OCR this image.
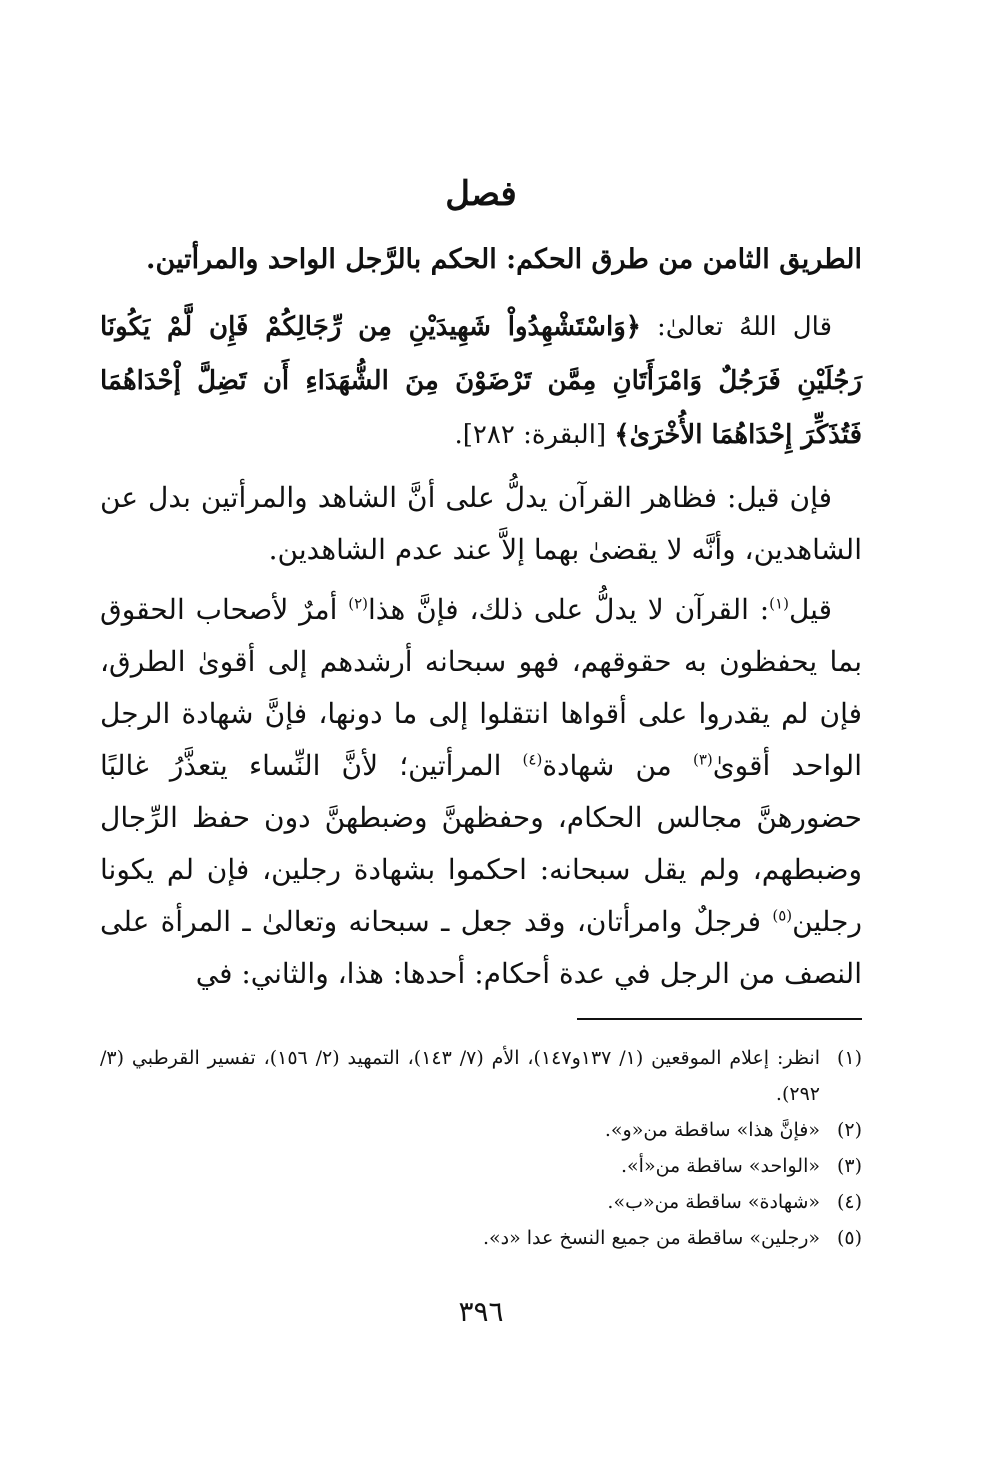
فصل
الطريق الثامن من طرق الحكم: الحكم بالرَّجل الواحد والمرأتين.
قال اللهُ تعالىٰ: ﴿وَاسْتَشْهِدُواْ شَهِيدَيْنِ مِن رِّجَالِكُمْ فَإِن لَّمْ يَكُونَا رَجُلَيْنِ فَرَجُلٌ وَامْرَأَتَانِ مِمَّن تَرْضَوْنَ مِنَ الشُّهَدَاءِ أَن تَضِلَّ إْحْدَاهُمَا فَتُذَكِّرَ إِحْدَاهُمَا الأُخْرَىٰ﴾ [البقرة: ٢٨٢].
فإن قيل: فظاهر القرآن يدلُّ على أنَّ الشاهد والمرأتين بدل عن الشاهدين، وأنَّه لا يقضىٰ بهما إلاَّ عند عدم الشاهدين.
قيل$^{(١)}$: القرآن لا يدلُّ على ذلك، فإنَّ هذا$^{(٢)}$ أمرٌ لأصحاب الحقوق بما يحفظون به حقوقهم، فهو سبحانه أرشدهم إلى أقوىٰ الطرق، فإن لم يقدروا على أقواها انتقلوا إلى ما دونها، فإنَّ شهادة الرجل الواحد أقوىٰ$^{(٣)}$ من شهادة$^{(٤)}$ المرأتين؛ لأنَّ النِّساء يتعذَّرُ غالبًا حضورهنَّ مجالس الحكام، وحفظهنَّ وضبطهنَّ دون حفظ الرِّجال وضبطهم، ولم يقل سبحانه: احكموا بشهادة رجلين، فإن لم يكونا رجلين$^{(٥)}$ فرجلٌ وامرأتان، وقد جعل ـ سبحانه وتعالىٰ ـ المرأة على النصف من الرجل في عدة أحكام: أحدها: هذا، والثاني: في
(١)
انظر: إعلام الموقعين (١/ ١٣٧و١٤٧)، الأم (٧/ ١٤٣)، التمهيد (٢/ ١٥٦)، تفسير القرطبي (٣/ ٢٩٢).
(٢)
«فإنَّ هذا» ساقطة من«و».
(٣)
«الواحد» ساقطة من«أ».
(٤)
«شهادة» ساقطة من«ب».
(٥)
«رجلين» ساقطة من جميع النسخ عدا «د».
٣٩٦
